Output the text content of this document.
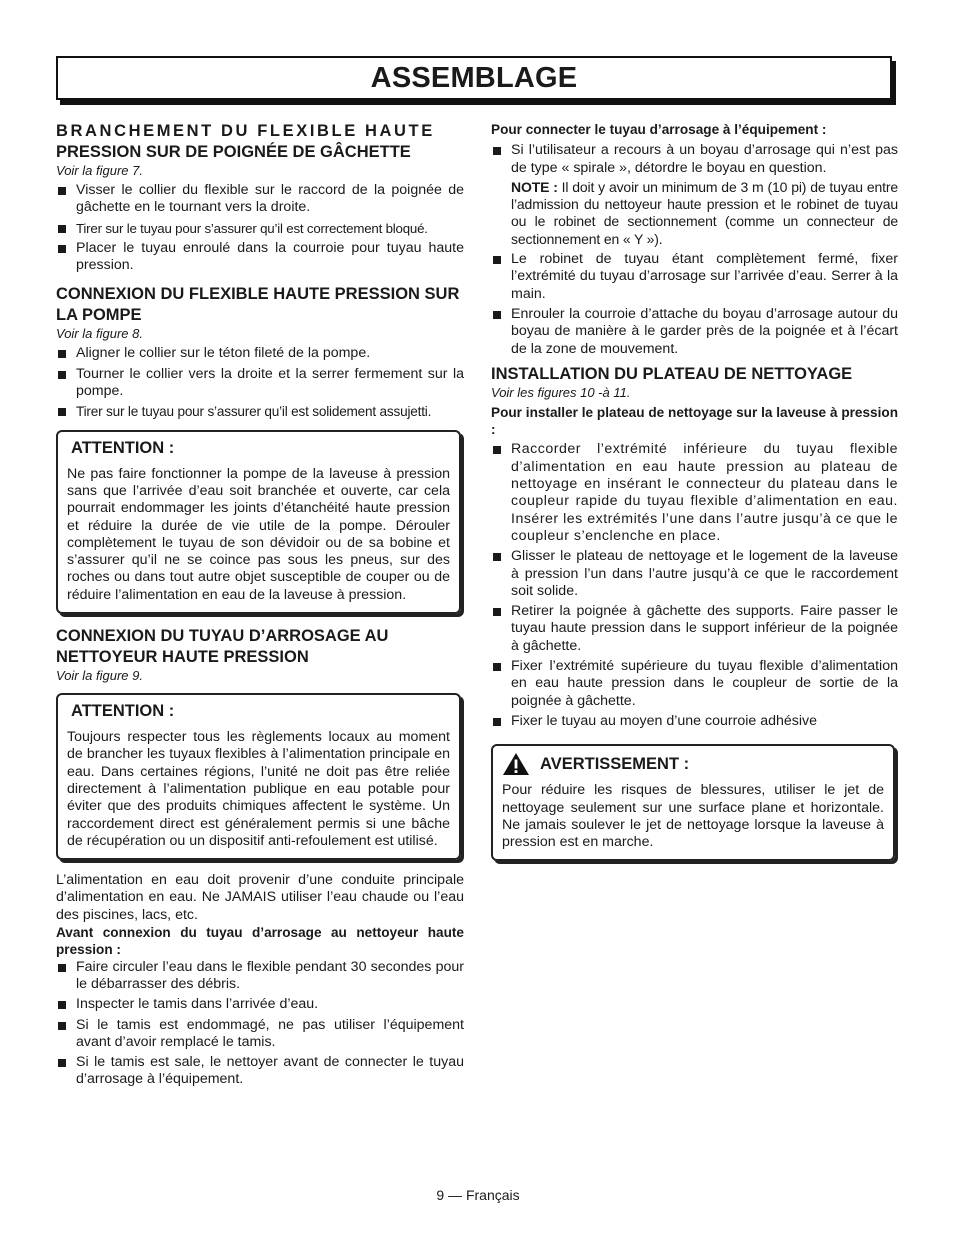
ASSEMBLAGE
BRANCHEMENT DU FLEXIBLE HAUTE
PRESSION SUR DE POIGNÉE DE GÂCHETTE

Voir la figure 7.

Visser le collier du flexible sur le raccord de la poignée de gâchette en le tournant vers la droite.
Tirer sur le tuyau pour s’assurer qu’il est correctement bloqué.
Placer le tuyau enroulé dans la courroie pour tuyau haute pression.
CONNEXION DU FLEXIBLE HAUTE PRESSION SUR LA POMPE

Voir la figure 8.

Aligner le collier sur le téton fileté de la pompe.
Tourner le collier vers la droite et la serrer fermement sur la pompe.
Tirer sur le tuyau pour s’assurer qu’il est solidement assujetti.
ATTENTION :

Ne pas faire fonctionner la pompe de la laveuse à pression sans que l’arrivée d’eau soit branchée et ouverte, car cela pourrait endommager les joints d’étanchéité haute pression et réduire la durée de vie utile de la pompe. Dérouler complètement le tuyau de son dévidoir ou de sa bobine et s’assurer qu’il ne se coince pas sous les pneus, sur des roches ou dans tout autre objet susceptible de couper ou de réduire l’alimentation en eau de la laveuse à pression.

CONNEXION DU TUYAU D’ARROSAGE AU NETTOYEUR HAUTE PRESSION

Voir la figure 9.

ATTENTION :

Toujours respecter tous les règlements locaux au moment de brancher les tuyaux flexibles à l’alimentation principale en eau. Dans certaines régions, l’unité ne doit pas être reliée directement à l’alimentation publique en eau potable pour éviter que des produits chimiques affectent le système. Un raccordement direct est généralement permis si une bâche de récupération ou un dispositif anti-refoulement est utilisé.

L’alimentation en eau doit provenir d’une conduite principale d’alimentation en eau. Ne JAMAIS utiliser l’eau chaude ou l’eau des piscines, lacs, etc.

Avant connexion du tuyau d’arrosage au nettoyeur haute pression :

Faire circuler l’eau dans le flexible pendant 30 secondes pour le débarrasser des débris.
Inspecter le tamis dans l’arrivée d’eau.
Si le tamis est endommagé, ne pas utiliser l’équipement avant d’avoir remplacé le tamis.
Si le tamis est sale, le nettoyer avant de connecter le tuyau d’arrosage à l’équipement.

Pour connecter le tuyau d’arrosage à l’équipement :

Si l’utilisateur a recours à un boyau d’arrosage qui n’est pas de type « spirale », détordre le boyau en question.

NOTE : Il doit y avoir un minimum de 3 m (10 pi) de tuyau entre l’admission du nettoyeur haute pression et le robinet de tuyau ou le robinet de sectionnement (comme un connecteur de sectionnement en « Y »).

Le robinet de tuyau étant complètement fermé, fixer l’extrémité du tuyau d’arrosage sur l’arrivée d’eau. Serrer à la main.
Enrouler la courroie d’attache du boyau d’arrosage autour du boyau de manière à le garder près de la poignée et à l’écart de la zone de mouvement.
INSTALLATION DU PLATEAU DE NETTOYAGE

Voir les figures 10 -à 11.

Pour installer le plateau de nettoyage sur la laveuse à pression :

Raccorder l’extrémité inférieure du tuyau flexible d’alimentation en eau haute pression au plateau de nettoyage en insérant le connecteur du plateau dans le coupleur rapide du tuyau flexible d’alimentation en eau. Insérer les extrémités l’une dans l’autre jusqu’à ce que le coupleur s’enclenche en place.
Glisser le plateau de nettoyage et le logement de la laveuse à pression l’un dans l’autre jusqu’à ce que le raccordement soit solide.
Retirer la poignée à gâchette des supports. Faire passer le tuyau haute pression dans le support inférieur de la poignée à gâchette.
Fixer l’extrémité supérieure du tuyau flexible d’alimentation en eau haute pression dans le coupleur de sortie de la poignée à gâchette.
Fixer le tuyau au moyen d’une courroie adhésive
AVERTISSEMENT :

Pour réduire les risques de blessures, utiliser le jet de nettoyage seulement sur une surface plane et horizontale. Ne jamais soulever le jet de nettoyage lorsque la laveuse à pression est en marche.

9 — Français
